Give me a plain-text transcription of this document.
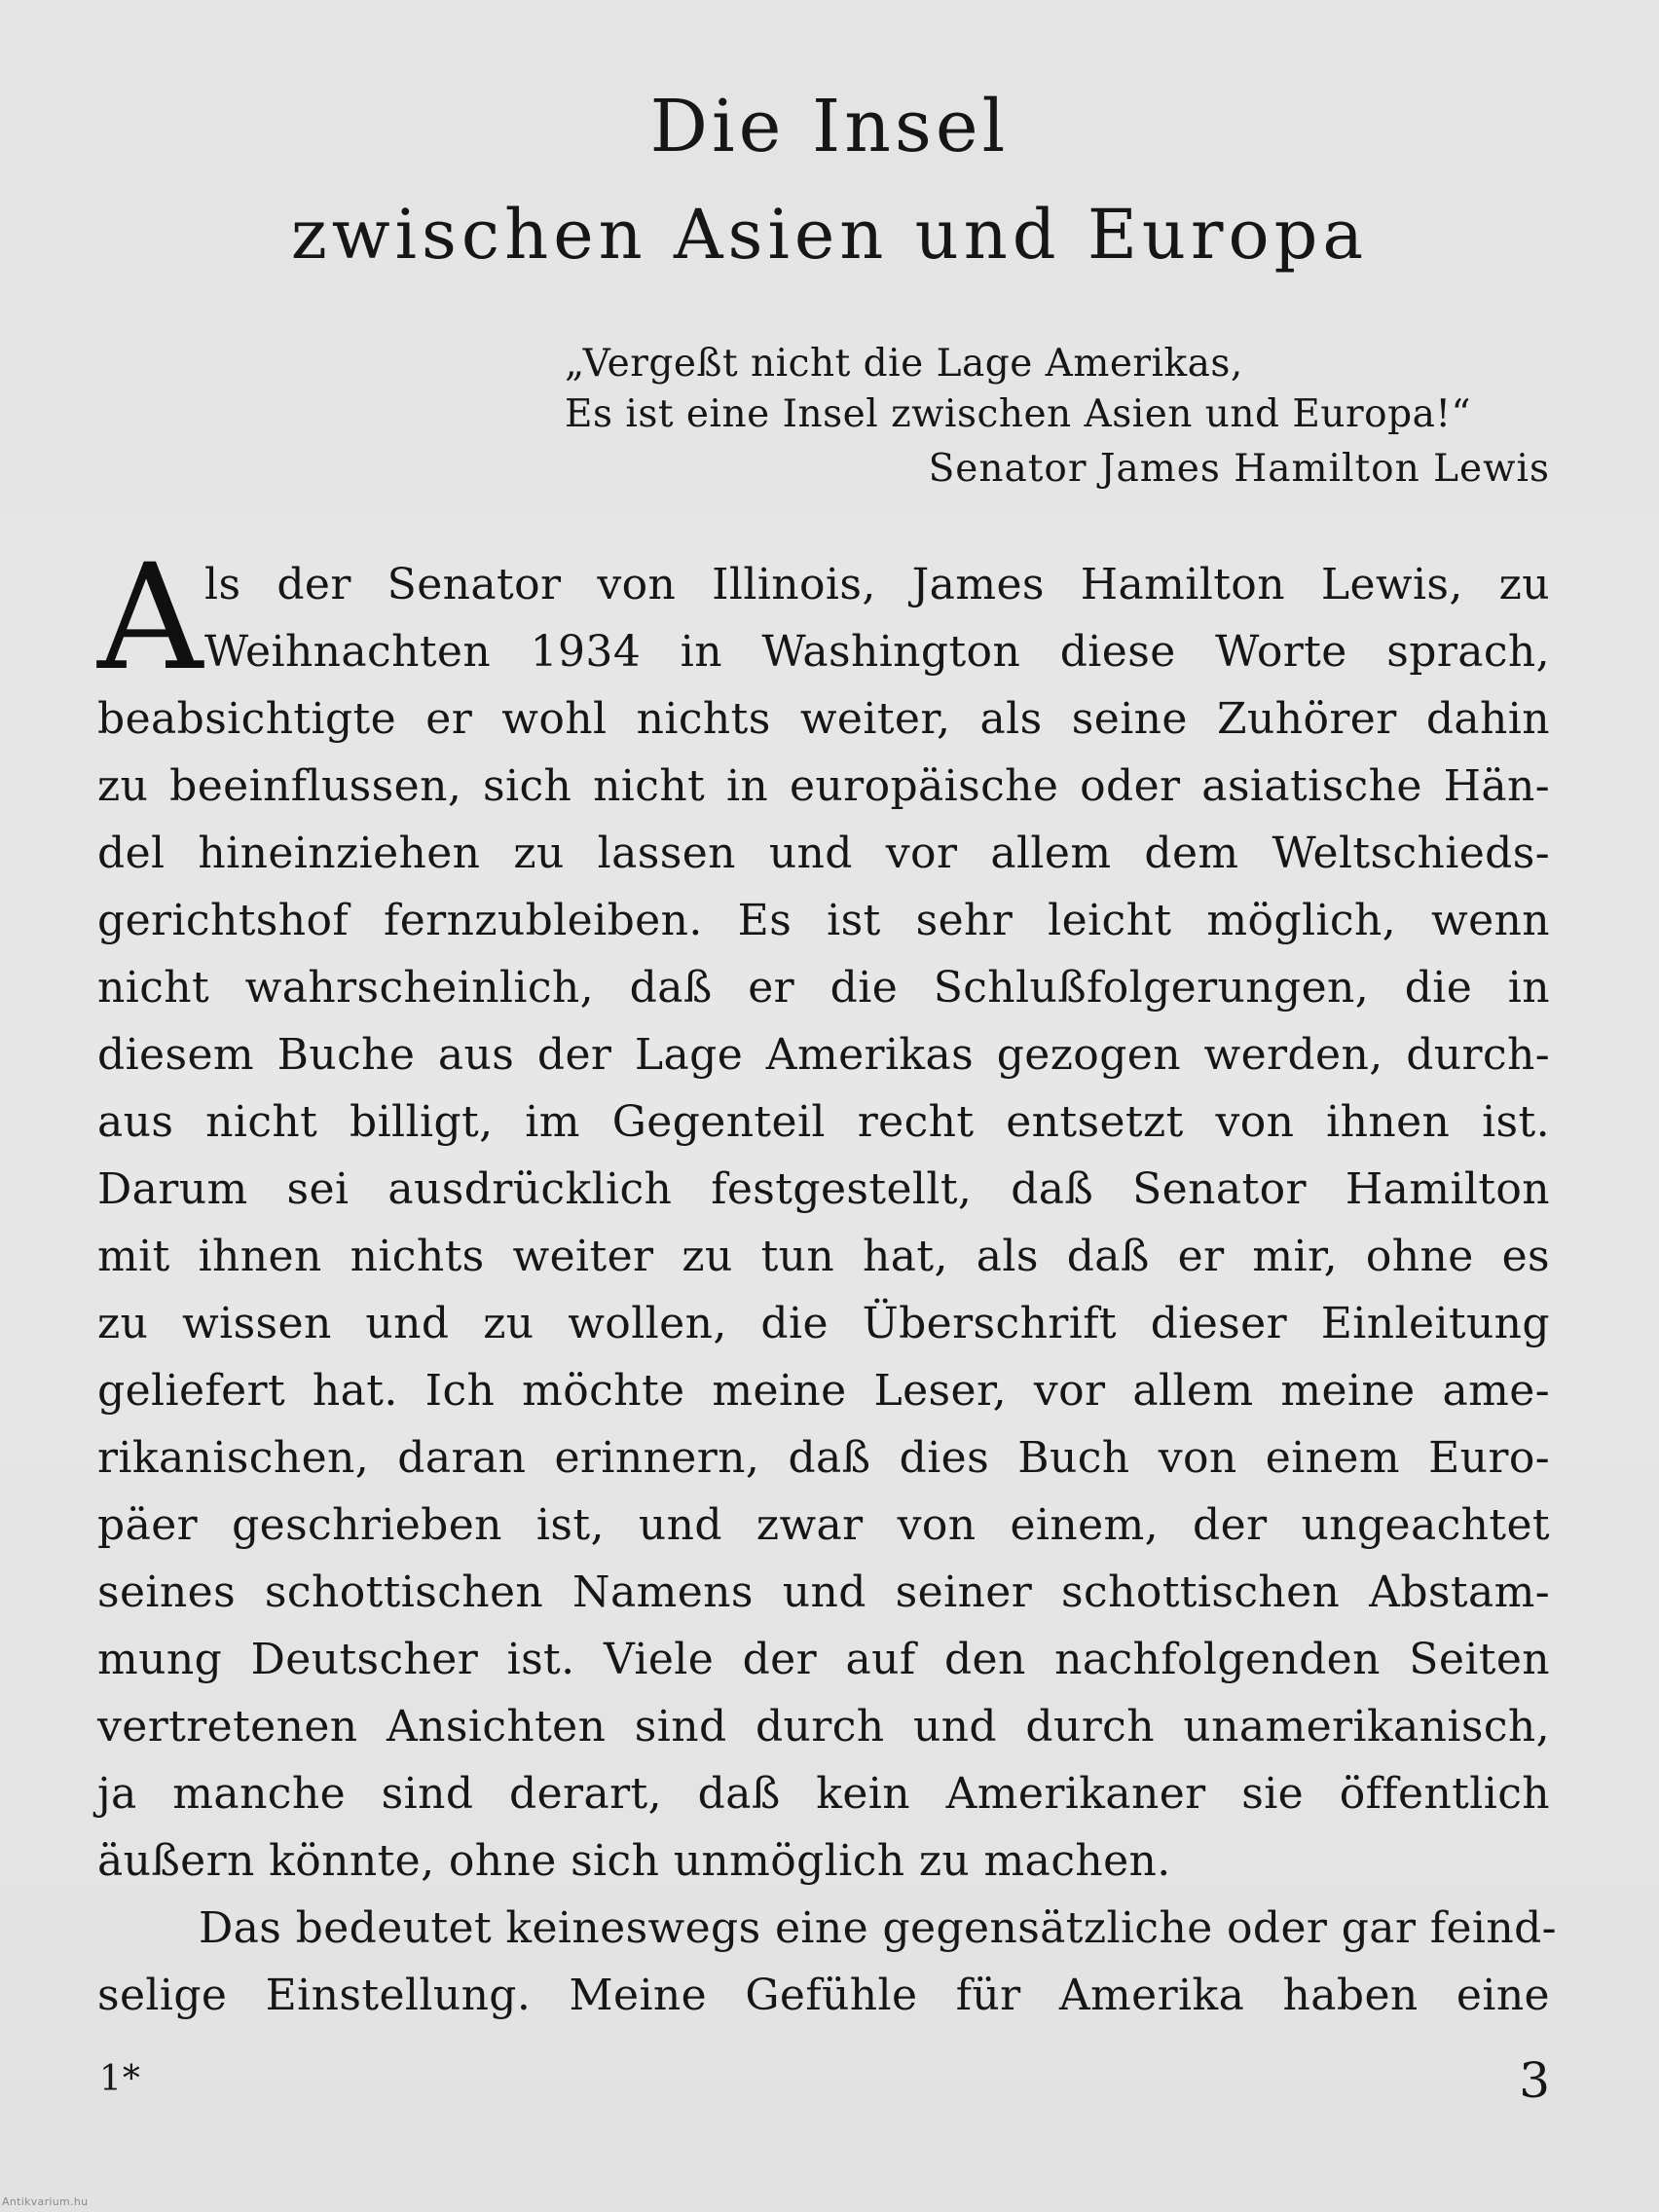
Die Insel
zwischen Asien und Europa
„Vergeßt nicht die Lage Amerikas,
Es ist eine Insel zwischen Asien und Europa!“
Senator James Hamilton Lewis
A ls der Senator von Illinois, James Hamilton Lewis, zu
Weihnachten 1934 in Washington diese Worte sprach,
beabsichtigte er wohl nichts weiter, als seine Zuhörer dahin
zu beeinflussen, sich nicht in europäische oder asiatische Hän-
del hineinziehen zu lassen und vor allem dem Weltschieds-
gerichtshof fernzubleiben. Es ist sehr leicht möglich, wenn
nicht wahrscheinlich, daß er die Schlußfolgerungen, die in
diesem Buche aus der Lage Amerikas gezogen werden, durch-
aus nicht billigt, im Gegenteil recht entsetzt von ihnen ist.
Darum sei ausdrücklich festgestellt, daß Senator Hamilton
mit ihnen nichts weiter zu tun hat, als daß er mir, ohne es
zu wissen und zu wollen, die Überschrift dieser Einleitung
geliefert hat. Ich möchte meine Leser, vor allem meine ame-
rikanischen, daran erinnern, daß dies Buch von einem Euro-
päer geschrieben ist, und zwar von einem, der ungeachtet
seines schottischen Namens und seiner schottischen Abstam-
mung Deutscher ist. Viele der auf den nachfolgenden Seiten
vertretenen Ansichten sind durch und durch unamerikanisch,
ja manche sind derart, daß kein Amerikaner sie öffentlich
äußern könnte, ohne sich unmöglich zu machen.
Das bedeutet keineswegs eine gegensätzliche oder gar feind-
selige Einstellung. Meine Gefühle für Amerika haben eine
1*	3
Antikvarium.hu
